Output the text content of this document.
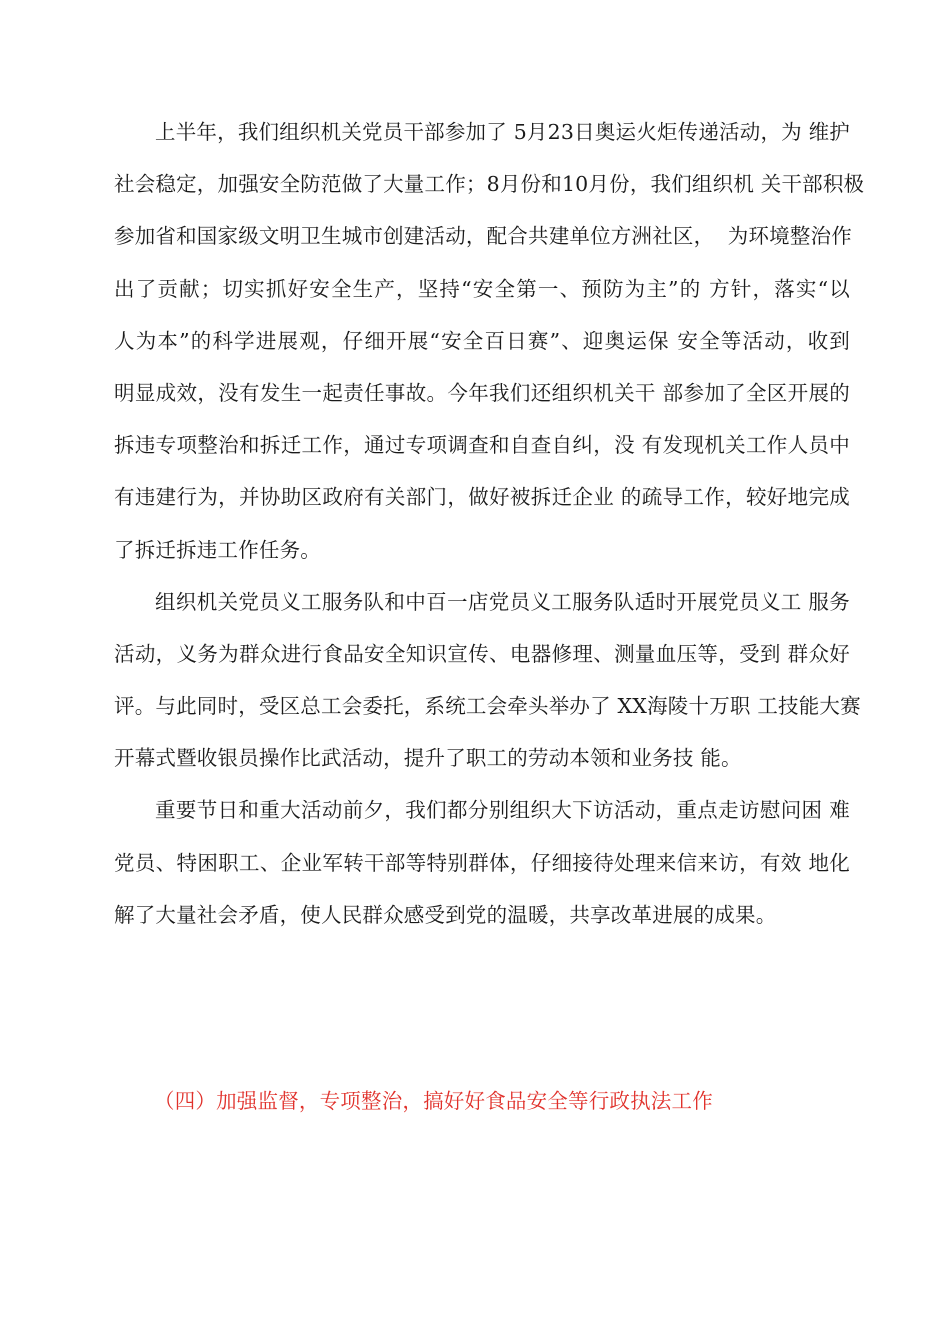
上半年，我们组织机关党员干部参加了 5月23日奥运火炬传递活动，为 维护
社会稳定，加强安全防范做了大量工作；8月份和10月份，我们组织机 关干部积极
参加省和国家级文明卫生城市创建活动，配合共建单位方洲社区，  为环境整治作
出了贡献；切实抓好安全生产，坚持“安全第一、预防为主”的 方针，落实“以
人为本”的科学进展观，仔细开展“安全百日赛”、迎奥运保 安全等活动，收到
明显成效，没有发生一起责任事故。今年我们还组织机关干 部参加了全区开展的
拆违专项整治和拆迁工作，通过专项调查和自查自纠，没 有发现机关工作人员中
有违建行为，并协助区政府有关部门，做好被拆迁企业 的疏导工作，较好地完成
了拆迁拆违工作任务。
组织机关党员义工服务队和中百一店党员义工服务队适时开展党员义工 服务
活动，义务为群众进行食品安全知识宣传、电器修理、测量血压等，受到 群众好
评。与此同时，受区总工会委托，系统工会牵头举办了 XX海陵十万职 工技能大赛
开幕式暨收银员操作比武活动，提升了职工的劳动本领和业务技 能。
重要节日和重大活动前夕，我们都分别组织大下访活动，重点走访慰问困 难
党员、特困职工、企业军转干部等特别群体，仔细接待处理来信来访，有效 地化
解了大量社会矛盾，使人民群众感受到党的温暖，共享改革进展的成果。
（四）加强监督，专项整治，搞好好食品安全等行政执法工作
